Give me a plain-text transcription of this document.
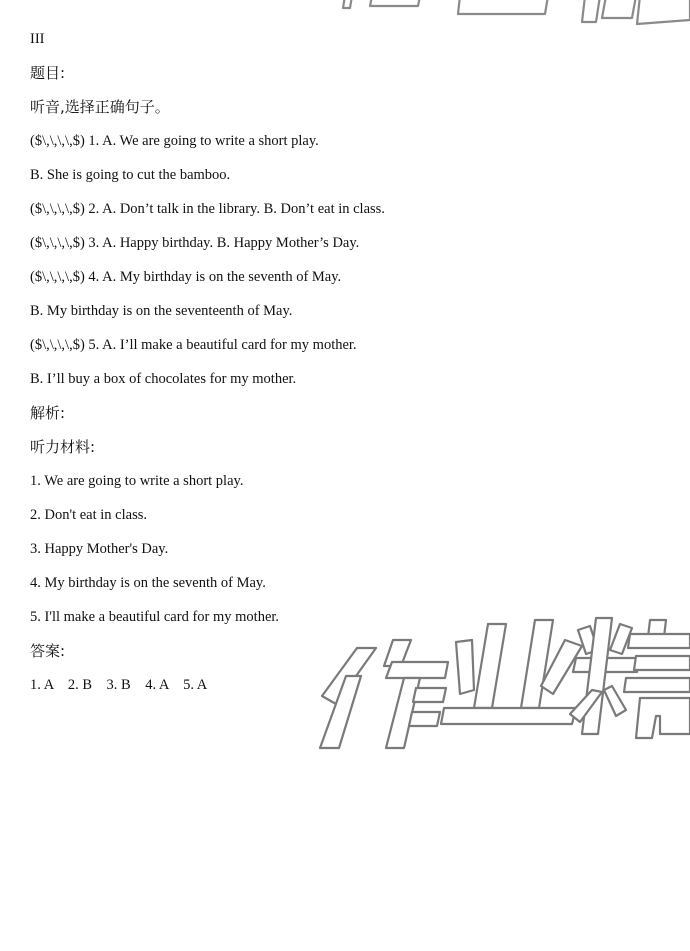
III
题目:
听音,选择正确句子。
($\,\,\,\,$) 1. A. We are going to write a short play.
B. She is going to cut the bamboo.
($\,\,\,\,$) 2. A. Don’t talk in the library. B. Don’t eat in class.
($\,\,\,\,$) 3. A. Happy birthday. B. Happy Mother’s Day.
($\,\,\,\,$) 4. A. My birthday is on the seventh of May.
B. My birthday is on the seventeenth of May.
($\,\,\,\,$) 5. A. I’ll make a beautiful card for my mother.
B. I’ll buy a box of chocolates for my mother.
解析:
听力材料:
1. We are going to write a short play.
2. Don't eat in class.
3. Happy Mother's Day.
4. My birthday is on the seventh of May.
5. I'll make a beautiful card for my mother.
答案:
1. A    2. B    3. B    4. A    5. A
